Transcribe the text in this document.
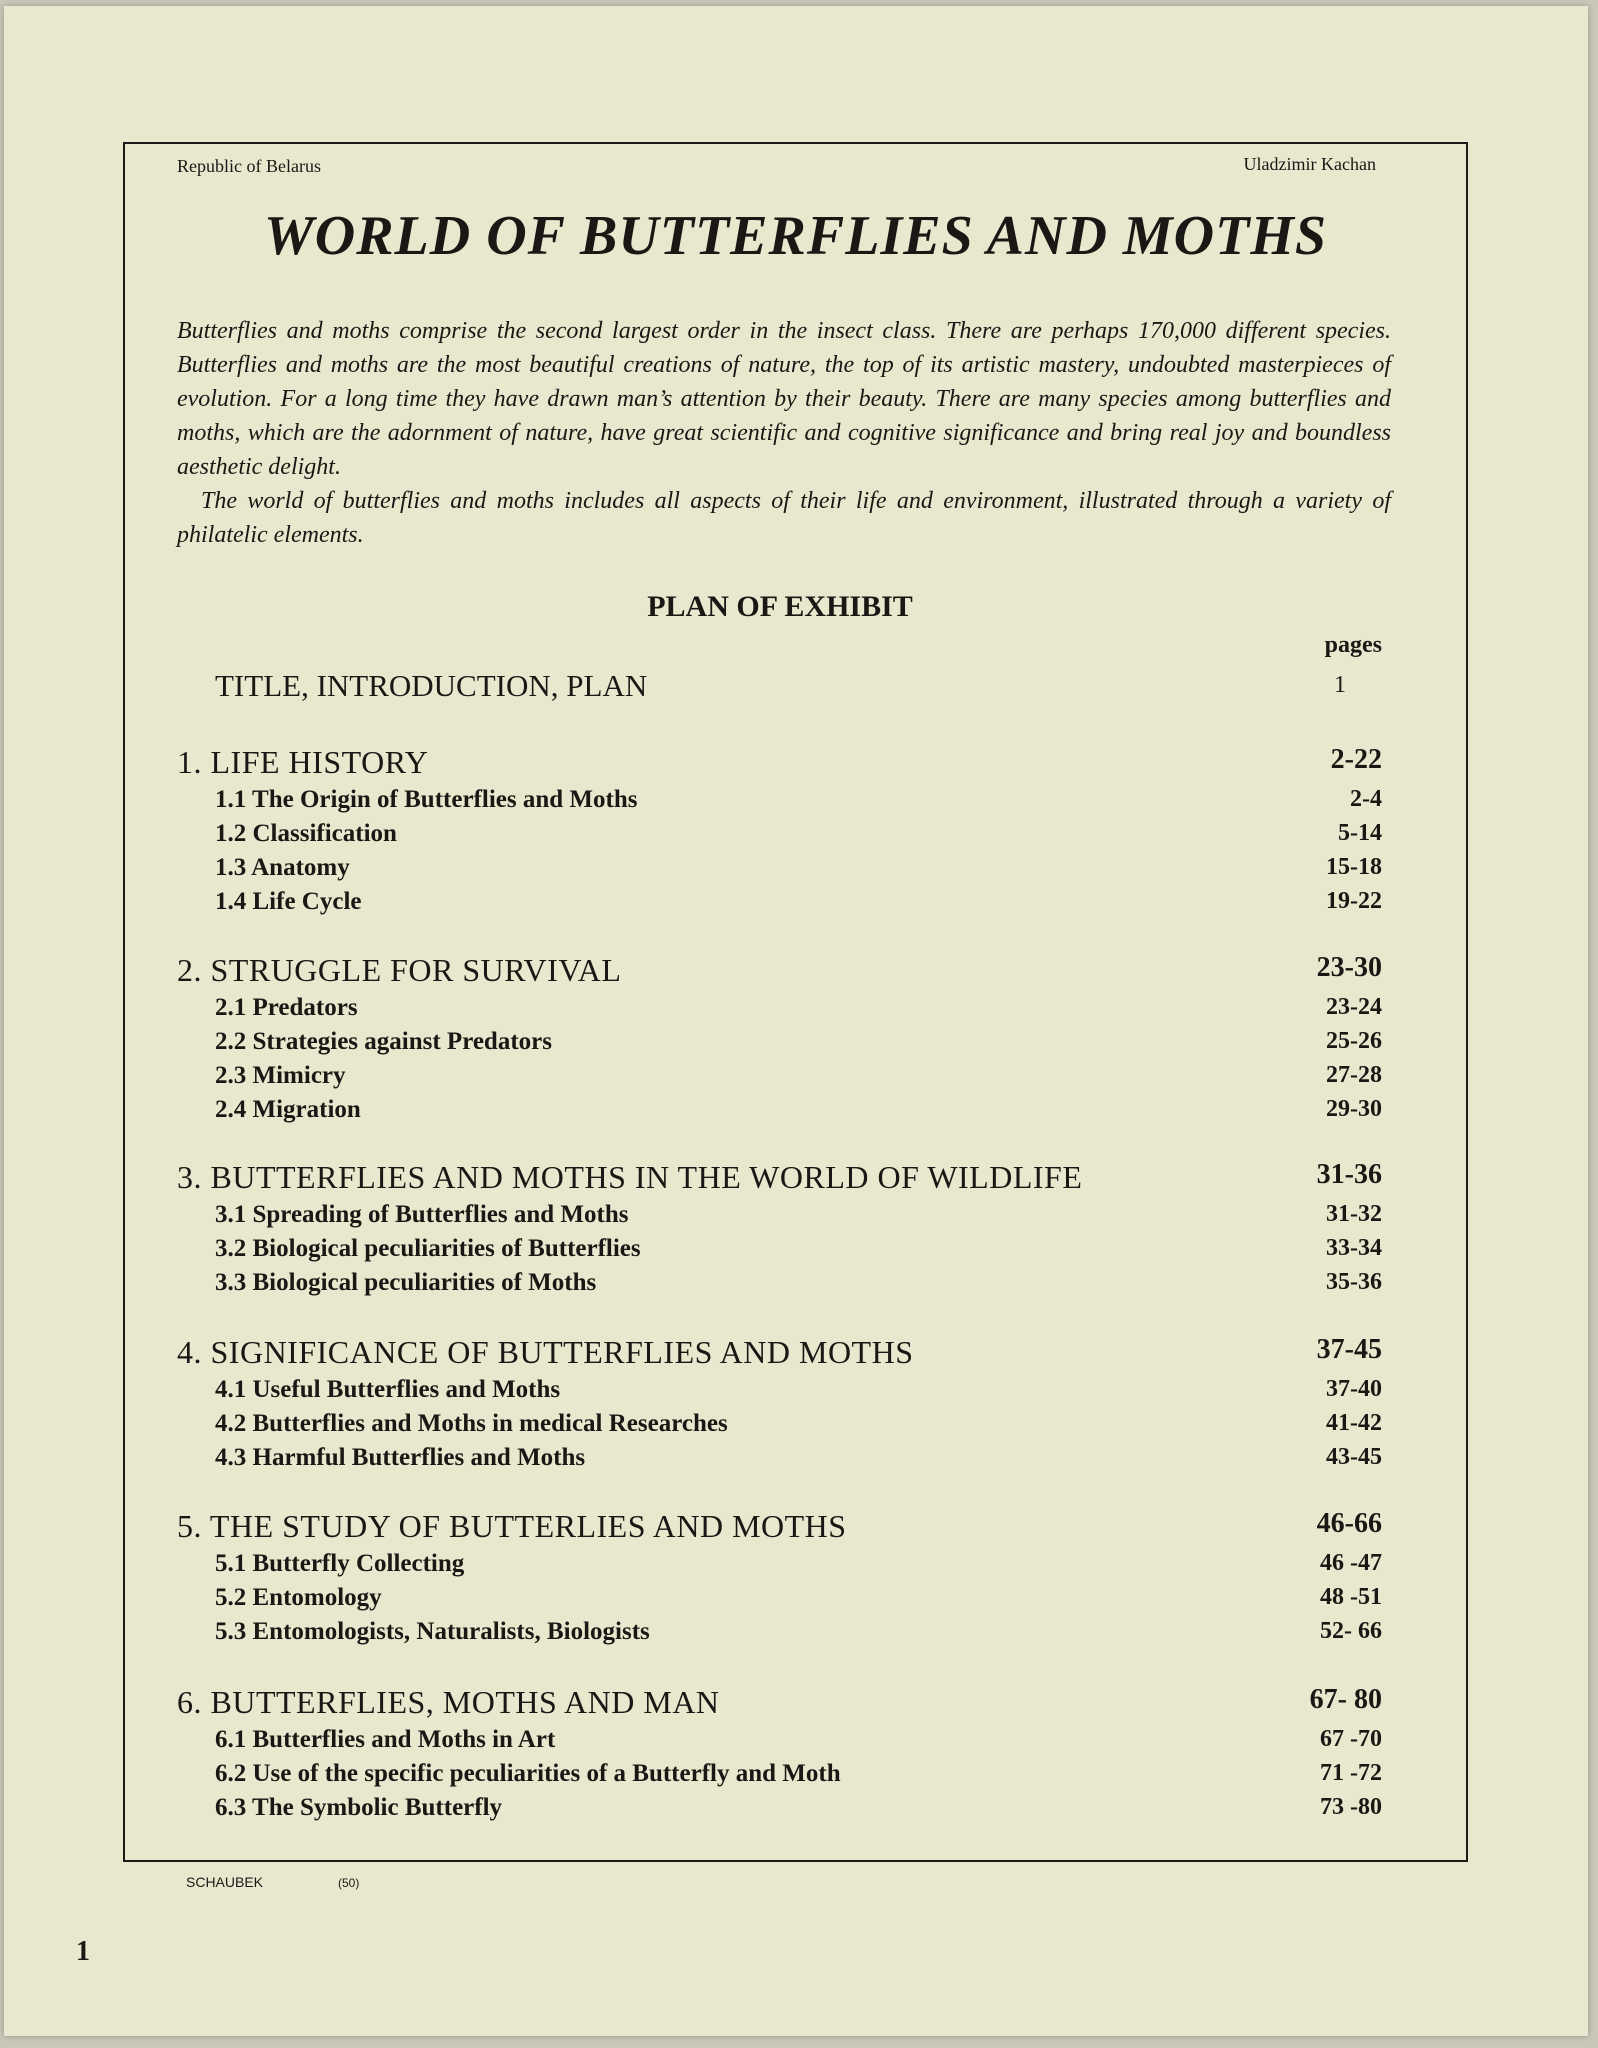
Republic of Belarus	Uladzimir Kachan
WORLD OF BUTTERFLIES AND MOTHS

Butterflies and moths comprise the second largest order in the insect class. There are perhaps 170,000 different species. Butterflies and moths are the most beautiful creations of nature, the top of its artistic mastery, undoubted masterpieces of evolution. For a long time they have drawn man’s attention by their beauty. There are many species among butterflies and moths, which are the adornment of nature, have great scientific and cognitive significance and bring real joy and boundless aesthetic delight.

The world of butterflies and moths includes all aspects of their life and environment, illustrated through a variety of philatelic elements.

PLAN OF EXHIBIT
pages
TITLE, INTRODUCTION, PLAN	1
1. LIFE HISTORY	2-22
1.1 The Origin of Butterflies and Moths	2-4
1.2 Classification	5-14
1.3 Anatomy	15-18
1.4 Life Cycle	19-22
2. STRUGGLE FOR SURVIVAL	23-30
2.1 Predators	23-24
2.2 Strategies against Predators	25-26
2.3 Mimicry	27-28
2.4 Migration	29-30
3. BUTTERFLIES AND MOTHS IN THE WORLD OF WILDLIFE	31-36
3.1 Spreading of Butterflies and Moths	31-32
3.2 Biological peculiarities of Butterflies	33-34
3.3 Biological peculiarities of Moths	35-36
4. SIGNIFICANCE OF BUTTERFLIES AND MOTHS	37-45
4.1 Useful Butterflies and Moths	37-40
4.2 Butterflies and Moths in medical Researches	41-42
4.3 Harmful Butterflies and Moths	43-45
5. THE STUDY OF BUTTERLIES AND MOTHS	46-66
5.1 Butterfly Collecting	46 -47
5.2 Entomology	48 -51
5.3 Entomologists, Naturalists, Biologists	52- 66
6. BUTTERFLIES, MOTHS AND MAN	67- 80
6.1 Butterflies and Moths in Art	67 -70
6.2 Use of the specific peculiarities of a Butterfly and Moth	71 -72
6.3 The Symbolic Butterfly	73 -80
SCHAUBEK	(50)
1
